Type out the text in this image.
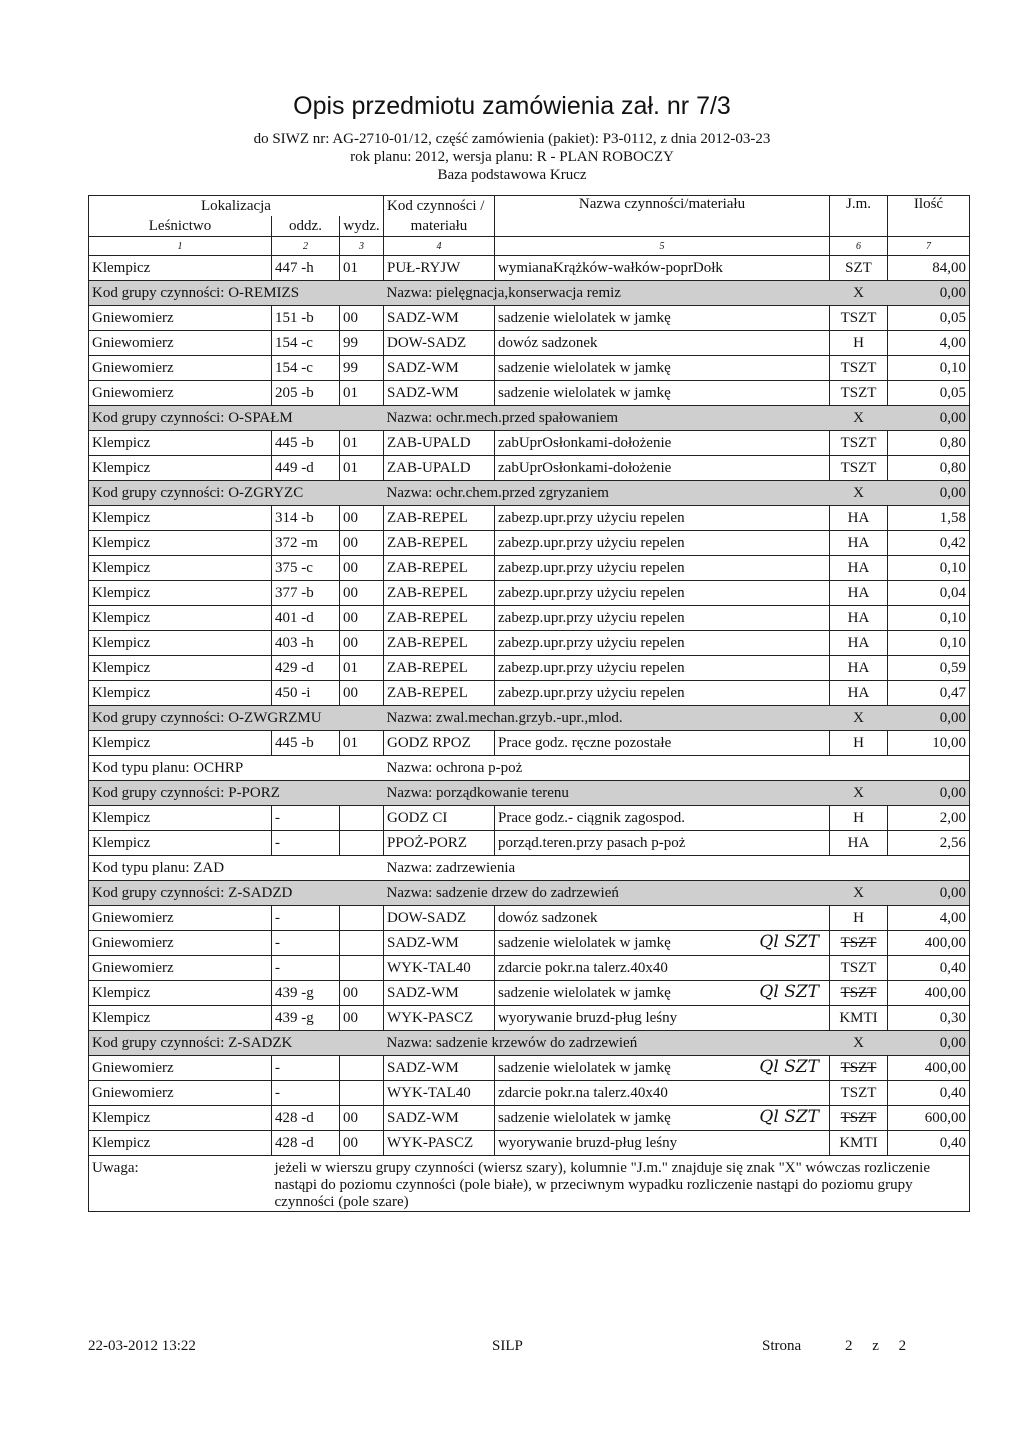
Opis przedmiotu zamówienia zał. nr 7/3
do SIWZ nr: AG-2710-01/12, część zamówienia (pakiet): P3-0112, z dnia 2012-03-23
rok planu: 2012, wersja planu: R - PLAN ROBOCZY
Baza podstawowa Krucz
Lokalizacja			Kod czynności /	Nazwa czynności/materiału	J.m.	Ilość
Leśnictwo	oddz.	wydz.	materiału			
1	2	3	4	5	6	7
Klempicz	447 -h	01	PUŁ-RYJW	wymianaKrążków-wałków-poprDołk	SZT	84,00
Kod grupy czynności: O-REMIZS			Nazwa: pielęgnacja,konserwacja remiz		X	0,00
Gniewomierz	151 -b	00	SADZ-WM	sadzenie wielolatek w jamkę	TSZT	0,05
Gniewomierz	154 -c	99	DOW-SADZ	dowóz sadzonek	H	4,00
Gniewomierz	154 -c	99	SADZ-WM	sadzenie wielolatek w jamkę	TSZT	0,10
Gniewomierz	205 -b	01	SADZ-WM	sadzenie wielolatek w jamkę	TSZT	0,05
Kod grupy czynności: O-SPAŁM			Nazwa: ochr.mech.przed spałowaniem		X	0,00
Klempicz	445 -b	01	ZAB-UPALD	zabUprOsłonkami-dołożenie	TSZT	0,80
Klempicz	449 -d	01	ZAB-UPALD	zabUprOsłonkami-dołożenie	TSZT	0,80
Kod grupy czynności: O-ZGRYZC			Nazwa: ochr.chem.przed zgryzaniem		X	0,00
Klempicz	314 -b	00	ZAB-REPEL	zabezp.upr.przy użyciu repelen	HA	1,58
Klempicz	372 -m	00	ZAB-REPEL	zabezp.upr.przy użyciu repelen	HA	0,42
Klempicz	375 -c	00	ZAB-REPEL	zabezp.upr.przy użyciu repelen	HA	0,10
Klempicz	377 -b	00	ZAB-REPEL	zabezp.upr.przy użyciu repelen	HA	0,04
Klempicz	401 -d	00	ZAB-REPEL	zabezp.upr.przy użyciu repelen	HA	0,10
Klempicz	403 -h	00	ZAB-REPEL	zabezp.upr.przy użyciu repelen	HA	0,10
Klempicz	429 -d	01	ZAB-REPEL	zabezp.upr.przy użyciu repelen	HA	0,59
Klempicz	450 -i	00	ZAB-REPEL	zabezp.upr.przy użyciu repelen	HA	0,47
Kod grupy czynności: O-ZWGRZMU			Nazwa: zwal.mechan.grzyb.-upr.,mlod.		X	0,00
Klempicz	445 -b	01	GODZ RPOZ	Prace godz. ręczne pozostałe	H	10,00
Kod typu planu: OCHRP			Nazwa: ochrona p-poż			
Kod grupy czynności: P-PORZ			Nazwa: porządkowanie terenu		X	0,00
Klempicz	-		GODZ CI	Prace godz.- ciągnik zagospod.	H	2,00
Klempicz	-		PPOŻ-PORZ	porząd.teren.przy pasach p-poż	HA	2,56
Kod typu planu: ZAD			Nazwa: zadrzewienia			
Kod grupy czynności: Z-SADZD			Nazwa: sadzenie drzew do zadrzewień		X	0,00
Gniewomierz	-		DOW-SADZ	dowóz sadzonek	H	4,00
Gniewomierz	-		SADZ-WM	sadzenie wielolatek w jamkę Ql SZT	TSZT	400,00
Gniewomierz	-		WYK-TAL40	zdarcie pokr.na talerz.40x40	TSZT	0,40
Klempicz	439 -g	00	SADZ-WM	sadzenie wielolatek w jamkę Ql SZT	TSZT	400,00
Klempicz	439 -g	00	WYK-PASCZ	wyorywanie bruzd-pług leśny	KMTI	0,30
Kod grupy czynności: Z-SADZK			Nazwa: sadzenie krzewów do zadrzewień		X	0,00
Gniewomierz	-		SADZ-WM	sadzenie wielolatek w jamkę Ql SZT	TSZT	400,00
Gniewomierz	-		WYK-TAL40	zdarcie pokr.na talerz.40x40	TSZT	0,40
Klempicz	428 -d	00	SADZ-WM	sadzenie wielolatek w jamkę Ql SZT	TSZT	600,00
Klempicz	428 -d	00	WYK-PASCZ	wyorywanie bruzd-pług leśny	KMTI	0,40
Uwaga:	jeżeli w wierszu grupy czynności (wiersz szary), kolumnie "J.m." znajduje się znak "X" wówczas rozliczenie nastąpi do poziomu czynności (pole białe), w przeciwnym wypadku rozliczenie nastąpi do poziomu grupy czynności (pole szare)					
22-03-2012 13:22	SILP	Strona	2 z 2
